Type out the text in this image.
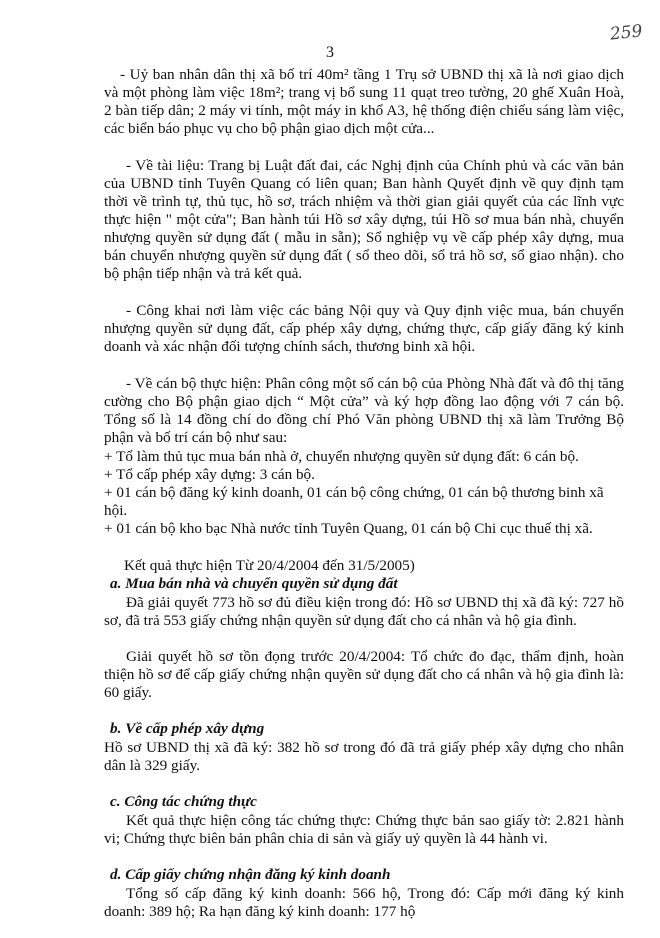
259
3

- Uỷ ban nhân dân thị xã bố trí 40m² tầng 1 Trụ sở UBND thị xã là nơi giao dịch và một phòng làm việc 18m²; trang vị bổ sung 11 quạt treo tường, 20 ghế Xuân Hoà, 2 bàn tiếp dân; 2 máy vi tính, một máy in khổ A3, hệ thống điện chiếu sáng làm việc, các biển báo phục vụ cho bộ phận giao dịch một cửa...

- Về tài liệu: Trang bị Luật đất đai, các Nghị định của Chính phủ và các văn bản của UBND tỉnh Tuyên Quang có liên quan; Ban hành Quyết định về quy định tạm thời về trình tự, thủ tục, hồ sơ, trách nhiệm và thời gian giải quyết của các lĩnh vực thực hiện " một cửa"; Ban hành túi Hồ sơ xây dựng, túi Hồ sơ mua bán nhà, chuyển nhượng quyền sử dụng đất ( mẫu in sẵn); Sổ nghiệp vụ về cấp phép xây dựng, mua bán chuyển nhượng quyền sử dụng đất ( sổ theo dõi, sổ trả hồ sơ, sổ giao nhận). cho bộ phận tiếp nhận và trả kết quả.

- Công khai nơi làm việc các bảng Nội quy và Quy định việc mua, bán chuyển nhượng quyền sử dụng đất, cấp phép xây dựng, chứng thực, cấp giấy đăng ký kinh doanh và xác nhận đối tượng chính sách, thương binh xã hội.

- Về cán bộ thực hiện: Phân công một số cán bộ của Phòng Nhà đất và đô thị tăng cường cho Bộ phận giao dịch “ Một cửa” và ký hợp đồng lao động với 7 cán bộ. Tổng số là 14 đồng chí do đồng chí Phó Văn phòng UBND thị xã làm Trưởng Bộ phận và bố trí cán bộ như sau:

+ Tổ làm thủ tục mua bán nhà ở, chuyển nhượng quyền sử dụng đất: 6 cán bộ.
+ Tổ cấp phép xây dựng: 3 cán bộ.
+ 01 cán bộ đăng ký kinh doanh, 01 cán bộ công chứng, 01 cán bộ thương binh xã hội.
+ 01 cán bộ kho bạc Nhà nước tỉnh Tuyên Quang, 01 cán bộ Chi cục thuế thị xã.

Kết quả thực hiện Từ 20/4/2004 đến 31/5/2005)

a. Mua bán nhà và chuyển quyền sử dụng đất

Đã giải quyết 773 hồ sơ đủ điều kiện trong đó: Hồ sơ UBND thị xã đã ký: 727 hồ sơ, đã trả 553 giấy chứng nhận quyền sử dụng đất cho cá nhân và hộ gia đình.

Giải quyết hồ sơ tồn đọng trước 20/4/2004: Tổ chức đo đạc, thẩm định, hoàn thiện hồ sơ để cấp giấy chứng nhận quyền sử dụng đất cho cá nhân và hộ gia đình là: 60 giấy.

b. Về cấp phép xây dựng

Hồ sơ UBND thị xã đã ký: 382 hồ sơ trong đó đã trả giấy phép xây dựng cho nhân dân là 329 giấy.

c. Công tác chứng thực

Kết quả thực hiện công tác chứng thực: Chứng thực bản sao giấy tờ: 2.821 hành vi; Chứng thực biên bản phân chia di sản và giấy uỷ quyền là 44 hành vi.

d. Cấp giấy chứng nhận đăng ký kinh doanh

Tổng số cấp đăng ký kinh doanh: 566 hộ, Trong đó: Cấp mới đăng ký kinh doanh: 389 hộ; Ra hạn đăng ký kinh doanh: 177 hộ
